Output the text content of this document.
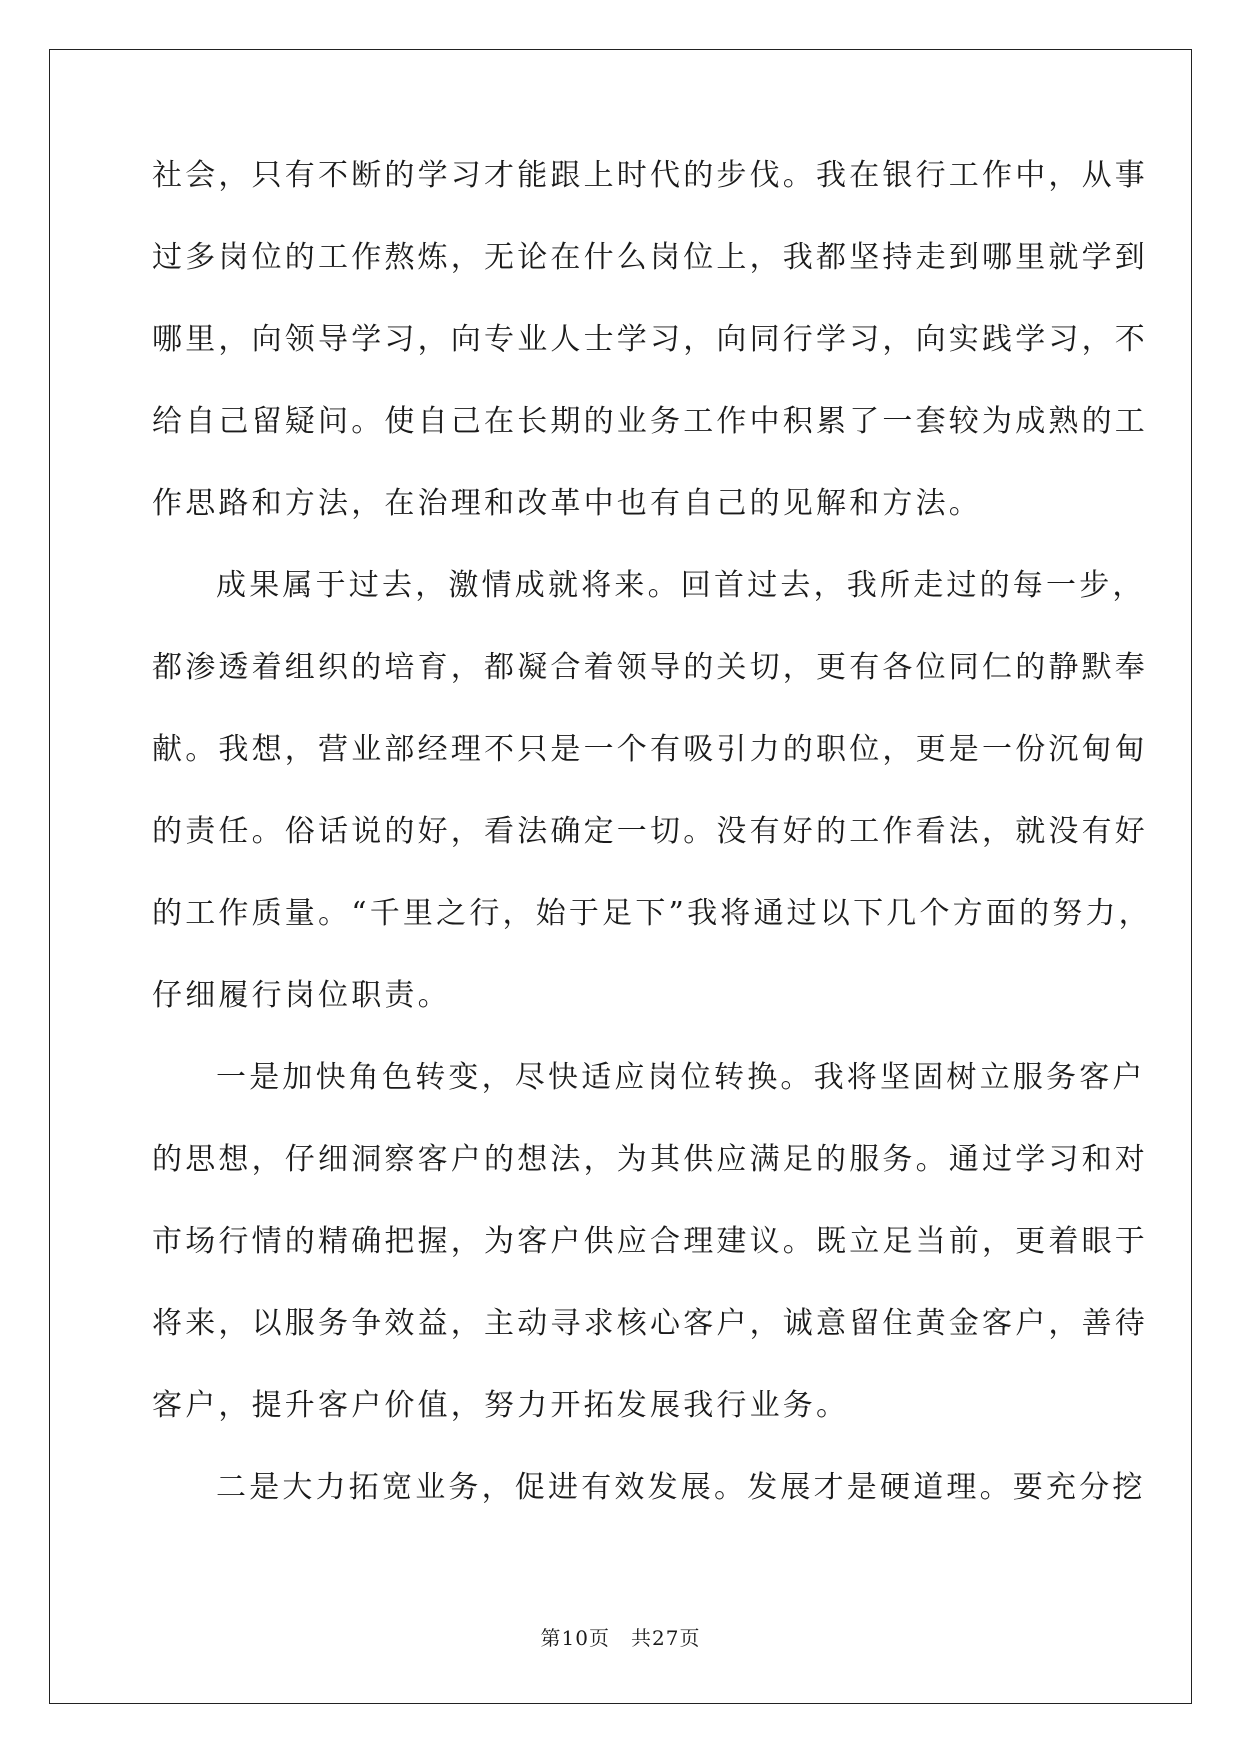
社会，只有不断的学习才能跟上时代的步伐。我在银行工作中，从事
过多岗位的工作熬炼，无论在什么岗位上，我都坚持走到哪里就学到
哪里，向领导学习，向专业人士学习，向同行学习，向实践学习，不
给自己留疑问。使自己在长期的业务工作中积累了一套较为成熟的工
作思路和方法，在治理和改革中也有自己的见解和方法。
成果属于过去，激情成就将来。回首过去，我所走过的每一步，
都渗透着组织的培育，都凝合着领导的关切，更有各位同仁的静默奉
献。我想，营业部经理不只是一个有吸引力的职位，更是一份沉甸甸
的责任。俗话说的好，看法确定一切。没有好的工作看法，就没有好
的工作质量。“千里之行，始于足下”我将通过以下几个方面的努力，
仔细履行岗位职责。
一是加快角色转变，尽快适应岗位转换。我将坚固树立服务客户
的思想，仔细洞察客户的想法，为其供应满足的服务。通过学习和对
市场行情的精确把握，为客户供应合理建议。既立足当前，更着眼于
将来，以服务争效益，主动寻求核心客户，诚意留住黄金客户，善待
客户，提升客户价值，努力开拓发展我行业务。
二是大力拓宽业务，促进有效发展。发展才是硬道理。要充分挖
第10页　共27页
